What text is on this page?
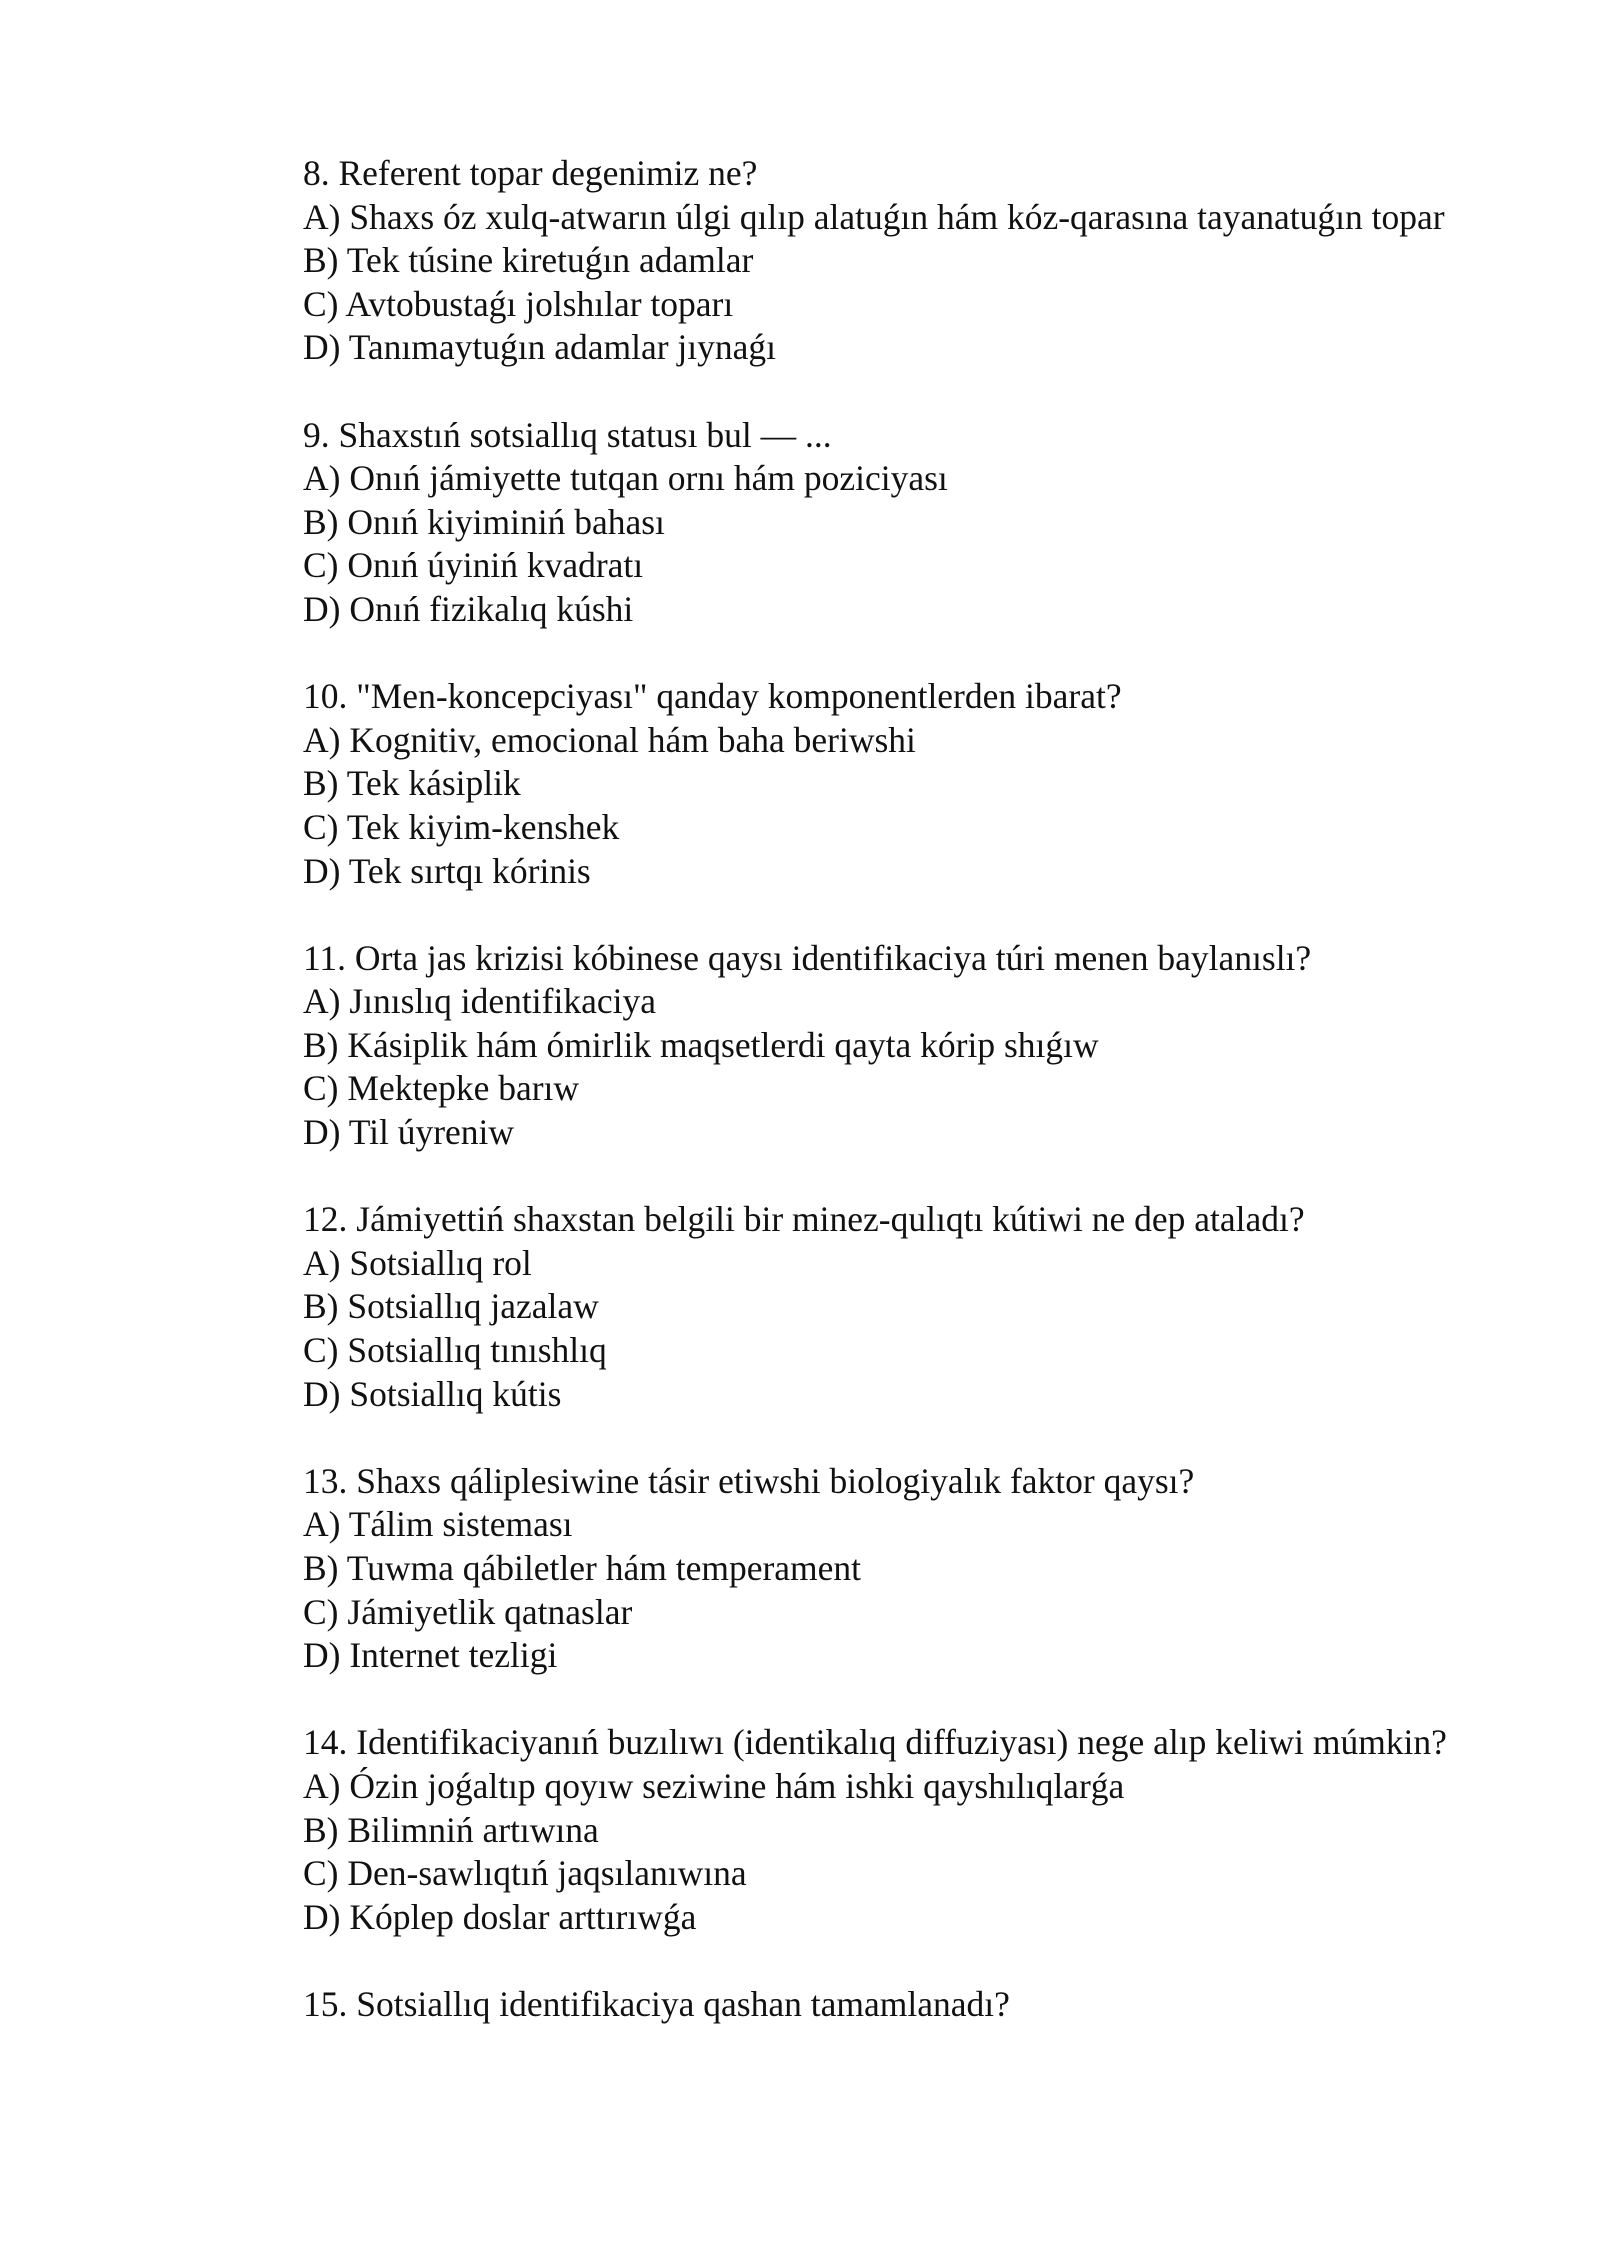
8. Referent topar degenimiz ne?

A) Shaxs óz xulq-atwarın úlgi qılıp alatuǵın hám kóz-qarasına tayanatuǵın topar

B) Tek túsine kiretuǵın adamlar

C) Avtobustaǵı jolshılar toparı

D) Tanımaytuǵın adamlar jıynaǵı

9. Shaxstıń sotsiallıq statusı bul — ...

A) Onıń jámiyette tutqan ornı hám poziciyası

B) Onıń kiyiminiń bahası

C) Onıń úyiniń kvadratı

D) Onıń fizikalıq kúshi

10. "Men-koncepciyası" qanday komponentlerden ibarat?

A) Kognitiv, emocional hám baha beriwshi

B) Tek kásiplik

C) Tek kiyim-kenshek

D) Tek sırtqı kórinis

11. Orta jas krizisi kóbinese qaysı identifikaciya túri menen baylanıslı?

A) Jınıslıq identifikaciya

B) Kásiplik hám ómirlik maqsetlerdi qayta kórip shıǵıw

C) Mektepke barıw

D) Til úyreniw

12. Jámiyettiń shaxstan belgili bir minez-qulıqtı kútiwi ne dep ataladı?

A) Sotsiallıq rol

B) Sotsiallıq jazalaw

C) Sotsiallıq tınıshlıq

D) Sotsiallıq kútis

13. Shaxs qáliplesiwine tásir etiwshi biologiyalık faktor qaysı?

A) Tálim sisteması

B) Tuwma qábiletler hám temperament

C) Jámiyetlik qatnaslar

D) Internet tezligi

14. Identifikaciyanıń buzılıwı (identikalıq diffuziyası) nege alıp keliwi múmkin?

A) Ózin joǵaltıp qoyıw seziwine hám ishki qayshılıqlarǵa

B) Bilimniń artıwına

C) Den-sawlıqtıń jaqsılanıwına

D) Kóplep doslar arttırıwǵa

15. Sotsiallıq identifikaciya qashan tamamlanadı?
